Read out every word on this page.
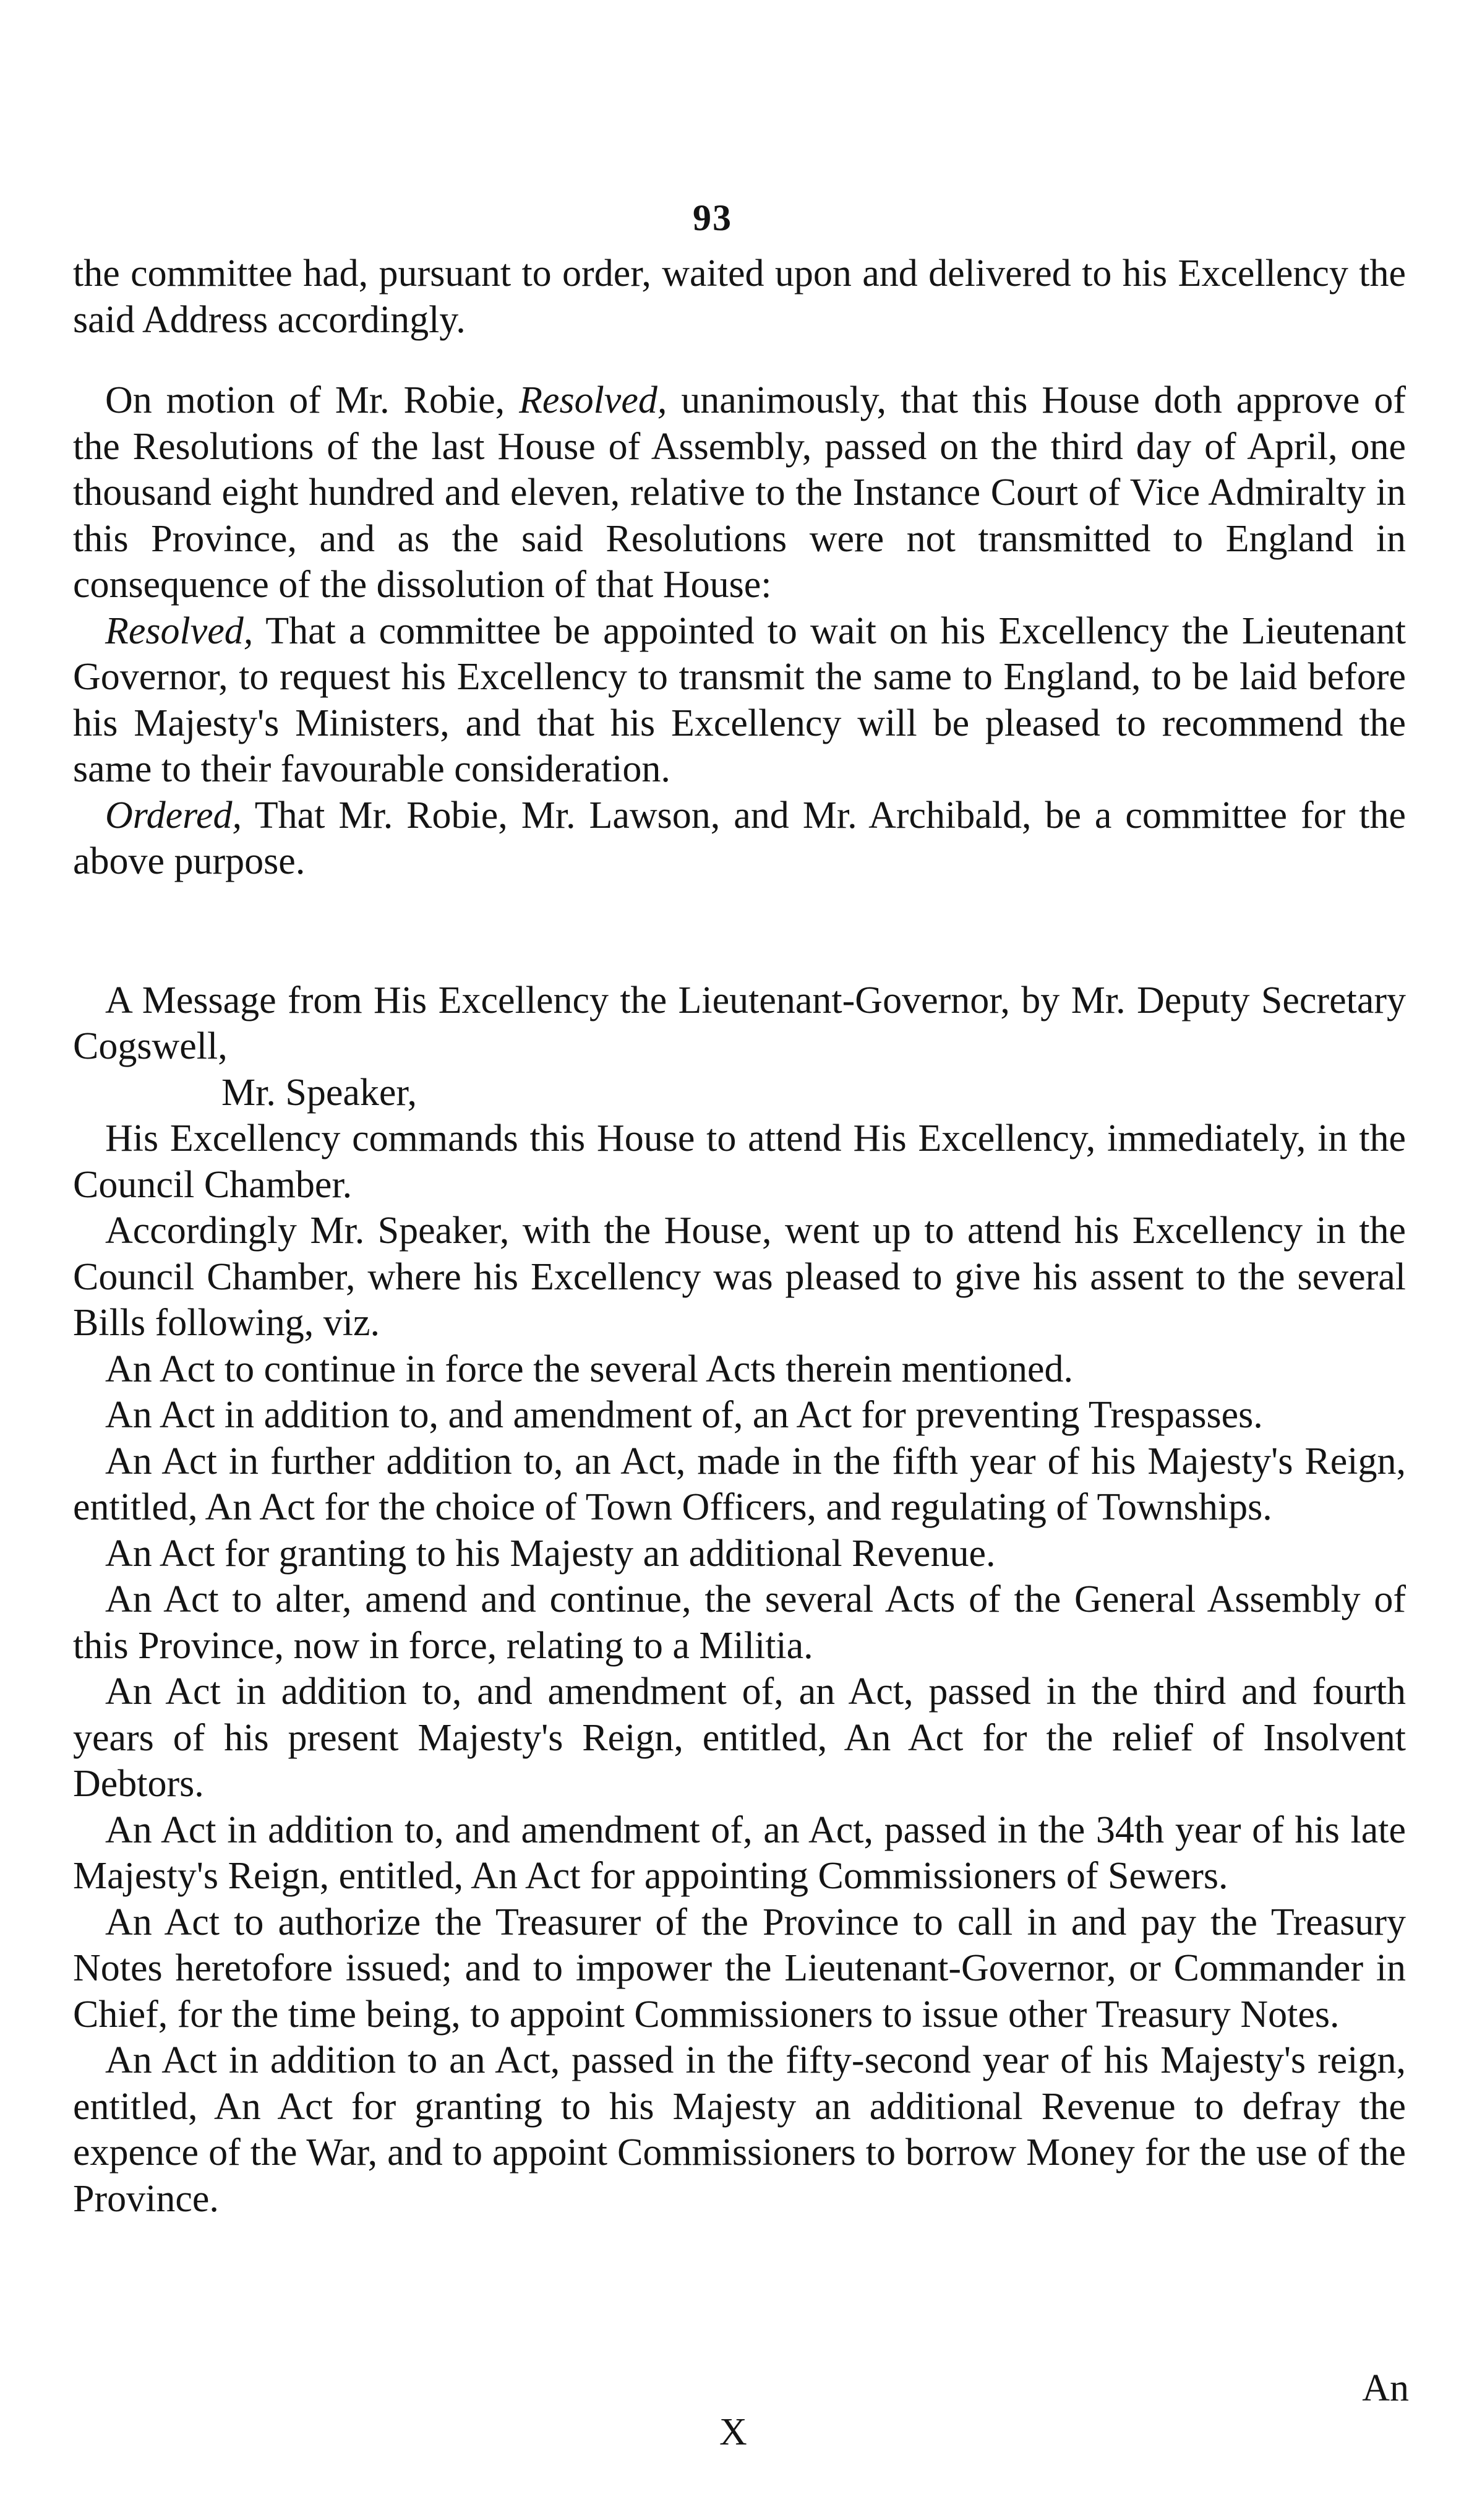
93

the committee had, pursuant to order, waited upon and delivered to his Excellency the said Address accordingly.

On motion of Mr. Robie, Resolved, unanimously, that this House doth approve of the Resolutions of the last House of Assembly, passed on the third day of April, one thousand eight hundred and eleven, relative to the Instance Court of Vice Admiralty in this Province, and as the said Resolutions were not transmitted to England in consequence of the dissolution of that House:

Resolved, That a committee be appointed to wait on his Excellency the Lieutenant Governor, to request his Excellency to transmit the same to England, to be laid before his Majesty's Ministers, and that his Excellency will be pleased to recommend the same to their favourable consideration.

Ordered, That Mr. Robie, Mr. Lawson, and Mr. Archibald, be a committee for the above purpose.

A Message from His Excellency the Lieutenant-Governor, by Mr. Deputy Secretary Cogswell,

Mr. Speaker,

His Excellency commands this House to attend His Excellency, immediately, in the Council Chamber.

Accordingly Mr. Speaker, with the House, went up to attend his Excellency in the Council Chamber, where his Excellency was pleased to give his assent to the several Bills following, viz.

An Act to continue in force the several Acts therein mentioned.

An Act in addition to, and amendment of, an Act for preventing Trespasses.

An Act in further addition to, an Act, made in the fifth year of his Majesty's Reign, entitled, An Act for the choice of Town Officers, and regulating of Townships.

An Act for granting to his Majesty an additional Revenue.

An Act to alter, amend and continue, the several Acts of the General Assembly of this Province, now in force, relating to a Militia.

An Act in addition to, and amendment of, an Act, passed in the third and fourth years of his present Majesty's Reign, entitled, An Act for the relief of Insolvent Debtors.

An Act in addition to, and amendment of, an Act, passed in the 34th year of his late Majesty's Reign, entitled, An Act for appointing Commissioners of Sewers.

An Act to authorize the Treasurer of the Province to call in and pay the Treasury Notes heretofore issued; and to impower the Lieutenant-Governor, or Commander in Chief, for the time being, to appoint Commissioners to issue other Treasury Notes.

An Act in addition to an Act, passed in the fifty-second year of his Majesty's reign, entitled, An Act for granting to his Majesty an additional Revenue to defray the expence of the War, and to appoint Commissioners to borrow Money for the use of the Province.

An
X
